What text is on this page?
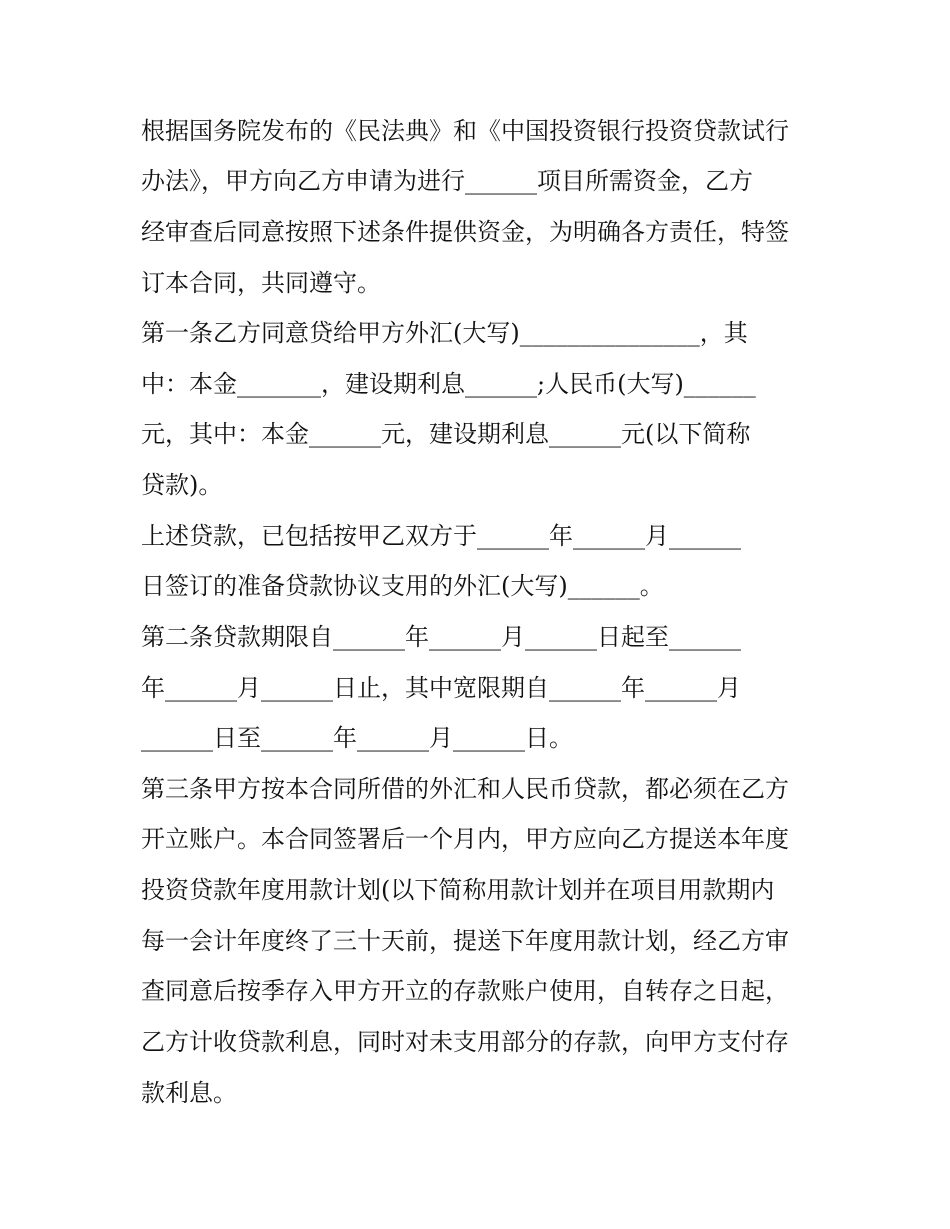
根据国务院发布的《民法典》和《中国投资银行投资贷款试行
办法》，甲方向乙方申请为进行______项目所需资金，乙方
经审查后同意按照下述条件提供资金，为明确各方责任，特签
订本合同，共同遵守。
第一条乙方同意贷给甲方外汇(大写)_______________，其
中：本金_______，建设期利息______;人民币(大写)______
元，其中：本金______元，建设期利息______元(以下简称
贷款)。
上述贷款，已包括按甲乙双方于______年______月______
日签订的准备贷款协议支用的外汇(大写)______。
第二条贷款期限自______年______月______日起至______
年______月______日止，其中宽限期自______年______月
______日至______年______月______日。
第三条甲方按本合同所借的外汇和人民币贷款，都必须在乙方
开立账户。本合同签署后一个月内，甲方应向乙方提送本年度
投资贷款年度用款计划(以下简称用款计划并在项目用款期内
每一会计年度终了三十天前，提送下年度用款计划，经乙方审
查同意后按季存入甲方开立的存款账户使用，自转存之日起，
乙方计收贷款利息，同时对未支用部分的存款，向甲方支付存
款利息。
